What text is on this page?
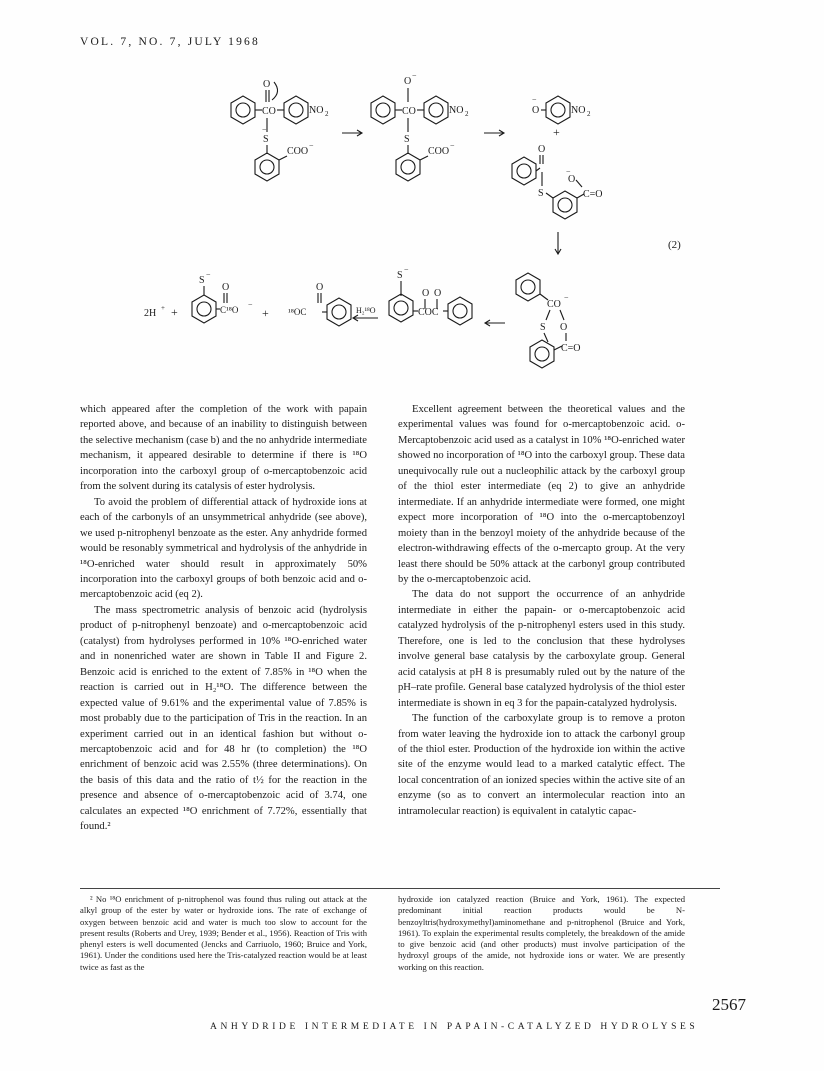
VOL. 7, NO. 7, JULY 1968
CO
O
NO 2
S
−
COO
−
CO
O
−
NO 2
S
COO
−
O
−
NO 2
+
O
S
O
−
C=O
(2)
CO
−
S O
C=O
S
−
O O
COC
H₂¹⁸O
O
¹⁸OC
+
S
−
O
C¹⁸O
−
+
2H +

which appeared after the completion of the work with papain reported above, and because of an inability to distinguish between the selective mechanism (case b) and the no anhydride intermediate mechanism, it appeared desirable to determine if there is ¹⁸O incorporation into the carboxyl group of o-mercaptobenzoic acid from the solvent during its catalysis of ester hydrolysis.

To avoid the problem of differential attack of hydroxide ions at each of the carbonyls of an unsymmetrical anhydride (see above), we used p-nitrophenyl benzoate as the ester. Any anhydride formed would be resonably symmetrical and hydrolysis of the anhydride in ¹⁸O-enriched water should result in approximately 50% incorporation into the carboxyl groups of both benzoic acid and o-mercaptobenzoic acid (eq 2).

The mass spectrometric analysis of benzoic acid (hydrolysis product of p-nitrophenyl benzoate) and o-mercaptobenzoic acid (catalyst) from hydrolyses performed in 10% ¹⁸O-enriched water and in nonenriched water are shown in Table II and Figure 2. Benzoic acid is enriched to the extent of 7.85% in ¹⁸O when the reaction is carried out in H₂¹⁸O. The difference between the expected value of 9.61% and the experimental value of 7.85% is most probably due to the participation of Tris in the reaction. In an experiment carried out in an identical fashion but without o-mercaptobenzoic acid and for 48 hr (to completion) the ¹⁸O enrichment of benzoic acid was 2.55% (three determinations). On the basis of this data and the ratio of t½ for the reaction in the presence and absence of o-mercaptobenzoic acid of 3.74, one calculates an expected ¹⁸O enrichment of 7.72%, essentially that found.²

Excellent agreement between the theoretical values and the experimental values was found for o-mercaptobenzoic acid. o-Mercaptobenzoic acid used as a catalyst in 10% ¹⁸O-enriched water showed no incorporation of ¹⁸O into the carboxyl group. These data unequivocally rule out a nucleophilic attack by the carboxyl group of the thiol ester intermediate (eq 2) to give an anhydride intermediate. If an anhydride intermediate were formed, one might expect more incorporation of ¹⁸O into the o-mercaptobenzoyl moiety than in the benzoyl moiety of the anhydride because of the electron-withdrawing effects of the o-mercapto group. At the very least there should be 50% attack at the carbonyl group contributed by the o-mercaptobenzoic acid.

The data do not support the occurrence of an anhydride intermediate in either the papain- or o-mercaptobenzoic acid catalyzed hydrolysis of the p-nitrophenyl esters used in this study. Therefore, one is led to the conclusion that these hydrolyses involve general base catalysis by the carboxylate group. General acid catalysis at pH 8 is presumably ruled out by the nature of the pH–rate profile. General base catalyzed hydrolysis of the thiol ester intermediate is shown in eq 3 for the papain-catalyzed hydrolysis.

The function of the carboxylate group is to remove a proton from water leaving the hydroxide ion to attack the carbonyl group of the thiol ester. Production of the hydroxide ion within the active site of the enzyme would lead to a marked catalytic effect. The local concentration of an ionized species within the active site of an enzyme (so as to convert an intermolecular reaction into an intramolecular reaction) is equivalent in catalytic capac-

² No ¹⁸O enrichment of p-nitrophenol was found thus ruling out attack at the alkyl group of the ester by water or hydroxide ions. The rate of exchange of oxygen between benzoic acid and water is much too slow to account for the present results (Roberts and Urey, 1939; Bender et al., 1956). Reaction of Tris with phenyl esters is well documented (Jencks and Carriuolo, 1960; Bruice and York, 1961). Under the conditions used here the Tris-catalyzed reaction would be at least twice as fast as the

hydroxide ion catalyzed reaction (Bruice and York, 1961). The expected predominant initial reaction products would be N-benzoyltris(hydroxymethyl)aminomethane and p-nitrophenol (Bruice and York, 1961). To explain the experimental results completely, the breakdown of the amide to give benzoic acid (and other products) must involve participation of the hydroxyl groups of the amide, not hydroxide ions or water. We are presently working on this reaction.

2567
ANHYDRIDE INTERMEDIATE IN PAPAIN-CATALYZED HYDROLYSES
